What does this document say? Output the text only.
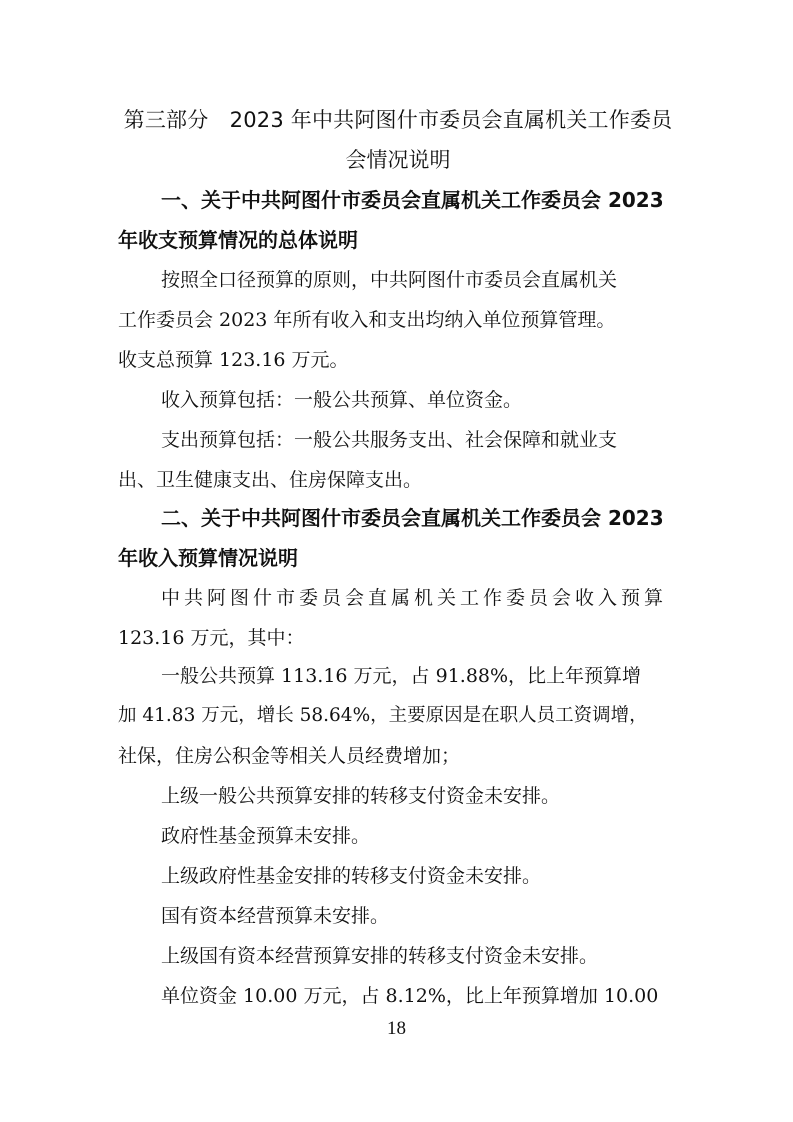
第三部分　2023 年中共阿图什市委员会直属机关工作委员
会情况说明
一、关于中共阿图什市委员会直属机关工作委员会 2023
年收支预算情况的总体说明
按照全口径预算的原则，中共阿图什市委员会直属机关
工作委员会 2023 年所有收入和支出均纳入单位预算管理。
收支总预算 123.16 万元。
收入预算包括：一般公共预算、单位资金。
支出预算包括：一般公共服务支出、社会保障和就业支
出、卫生健康支出、住房保障支出。
二、关于中共阿图什市委员会直属机关工作委员会 2023
年收入预算情况说明
中共阿图什市委员会直属机关工作委员会收入预算
123.16 万元，其中：
一般公共预算 113.16 万元，占 91.88%，比上年预算增
加 41.83 万元，增长 58.64%，主要原因是在职人员工资调增，
社保，住房公积金等相关人员经费增加；
上级一般公共预算安排的转移支付资金未安排。
政府性基金预算未安排。
上级政府性基金安排的转移支付资金未安排。
国有资本经营预算未安排。
上级国有资本经营预算安排的转移支付资金未安排。
单位资金 10.00 万元，占 8.12%，比上年预算增加 10.00
18
